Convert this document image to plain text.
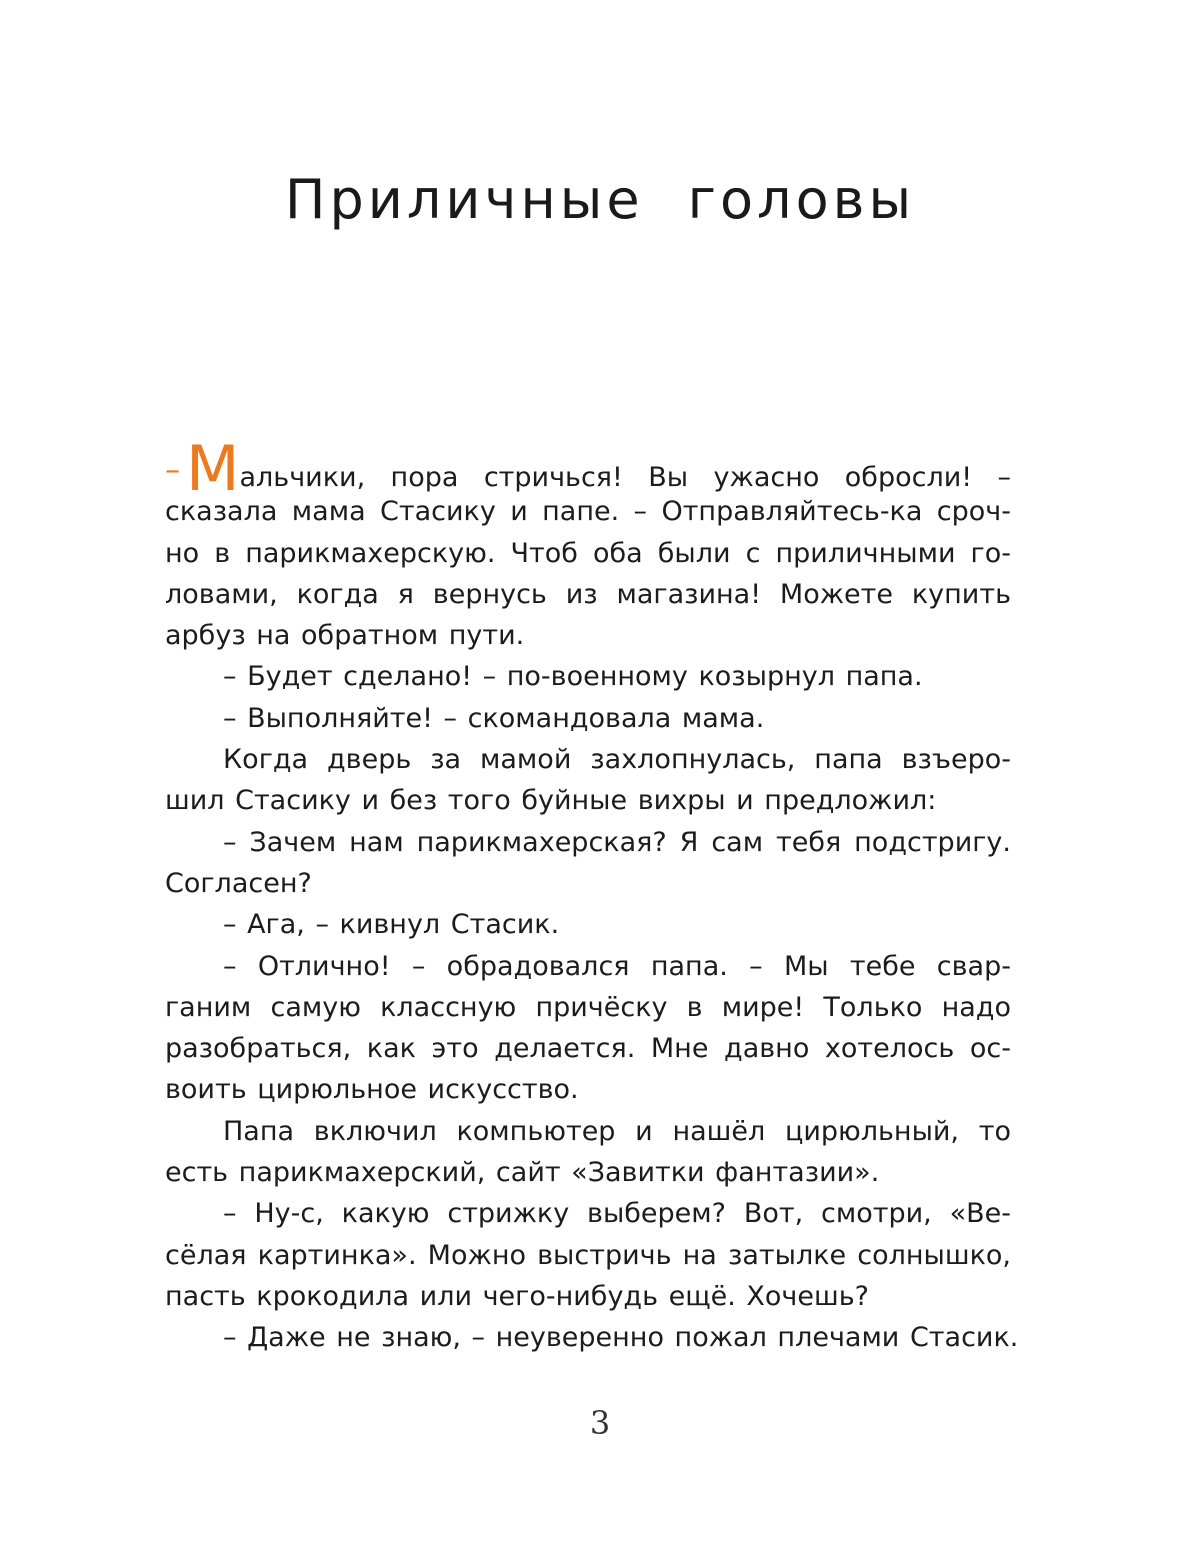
Приличные головы
–Мальчики, пора стричься! Вы ужасно обросли! –
сказала мама Стасику и папе. – Отправляйтесь-ка сроч-
но в парикмахерскую. Чтоб оба были с приличными го-
ловами, когда я вернусь из магазина! Можете купить
арбуз на обратном пути.
– Будет сделано! – по-военному козырнул папа.
– Выполняйте! – скомандовала мама.
Когда дверь за мамой захлопнулась, папа взъеро-
шил Стасику и без того буйные вихры и предложил:
– Зачем нам парикмахерская? Я сам тебя подстригу.
Согласен?
– Ага, – кивнул Стасик.
– Отлично! – обрадовался папа. – Мы тебе свар-
ганим самую классную причёску в мире! Только надо
разобраться, как это делается. Мне давно хотелось ос-
воить цирюльное искусство.
Папа включил компьютер и нашёл цирюльный, то
есть парикмахерский, сайт «Завитки фантазии».
– Ну-с, какую стрижку выберем? Вот, смотри, «Ве-
сёлая картинка». Можно выстричь на затылке солнышко,
пасть крокодила или чего-нибудь ещё. Хочешь?
– Даже не знаю, – неуверенно пожал плечами Стасик.
3
